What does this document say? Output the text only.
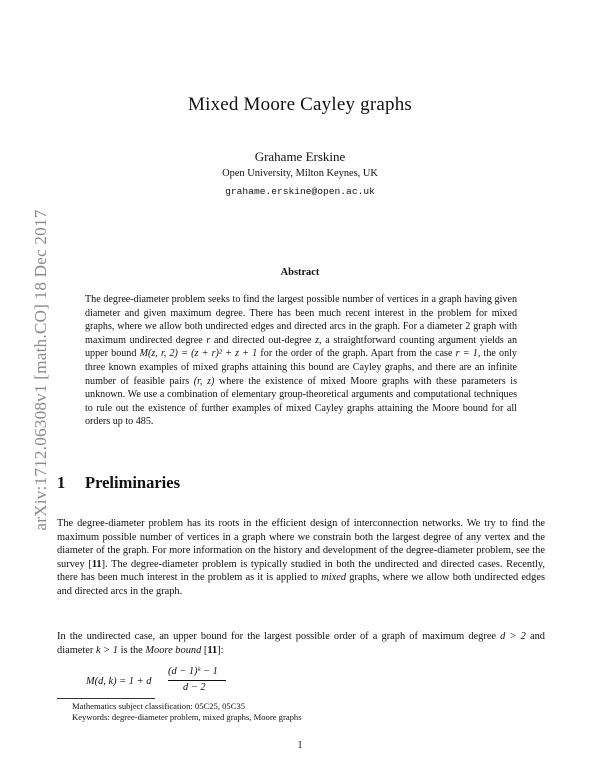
arXiv:1712.06308v1 [math.CO] 18 Dec 2017
Mixed Moore Cayley graphs
Grahame Erskine
Open University, Milton Keynes, UK
grahame.erskine@open.ac.uk
Abstract
The degree-diameter problem seeks to find the largest possible number of vertices in a graph having given diameter and given maximum degree. There has been much recent interest in the problem for mixed graphs, where we allow both undirected edges and directed arcs in the graph. For a diameter 2 graph with maximum undirected degree r and directed out-degree z, a straightforward counting argument yields an upper bound M(z, r, 2) = (z + r)² + z + 1 for the order of the graph. Apart from the case r = 1, the only three known examples of mixed graphs attaining this bound are Cayley graphs, and there are an infinite number of feasible pairs (r, z) where the existence of mixed Moore graphs with these parameters is unknown. We use a combination of elementary group-theoretical arguments and computational techniques to rule out the existence of further examples of mixed Cayley graphs attaining the Moore bound for all orders up to 485.
1 Preliminaries
The degree-diameter problem has its roots in the efficient design of interconnection networks. We try to find the maximum possible number of vertices in a graph where we constrain both the largest degree of any vertex and the diameter of the graph. For more information on the history and development of the degree-diameter problem, see the survey [11]. The degree-diameter problem is typically studied in both the undirected and directed cases. Recently, there has been much interest in the problem as it is applied to mixed graphs, where we allow both undirected edges and directed arcs in the graph.
In the undirected case, an upper bound for the largest possible order of a graph of maximum degree d > 2 and diameter k > 1 is the Moore bound [11]:
M(d, k) = 1 + d
(d − 1)ᵏ − 1
d − 2
Mathematics subject classification: 05C25, 05C35
Keywords: degree-diameter problem, mixed graphs, Moore graphs
1
